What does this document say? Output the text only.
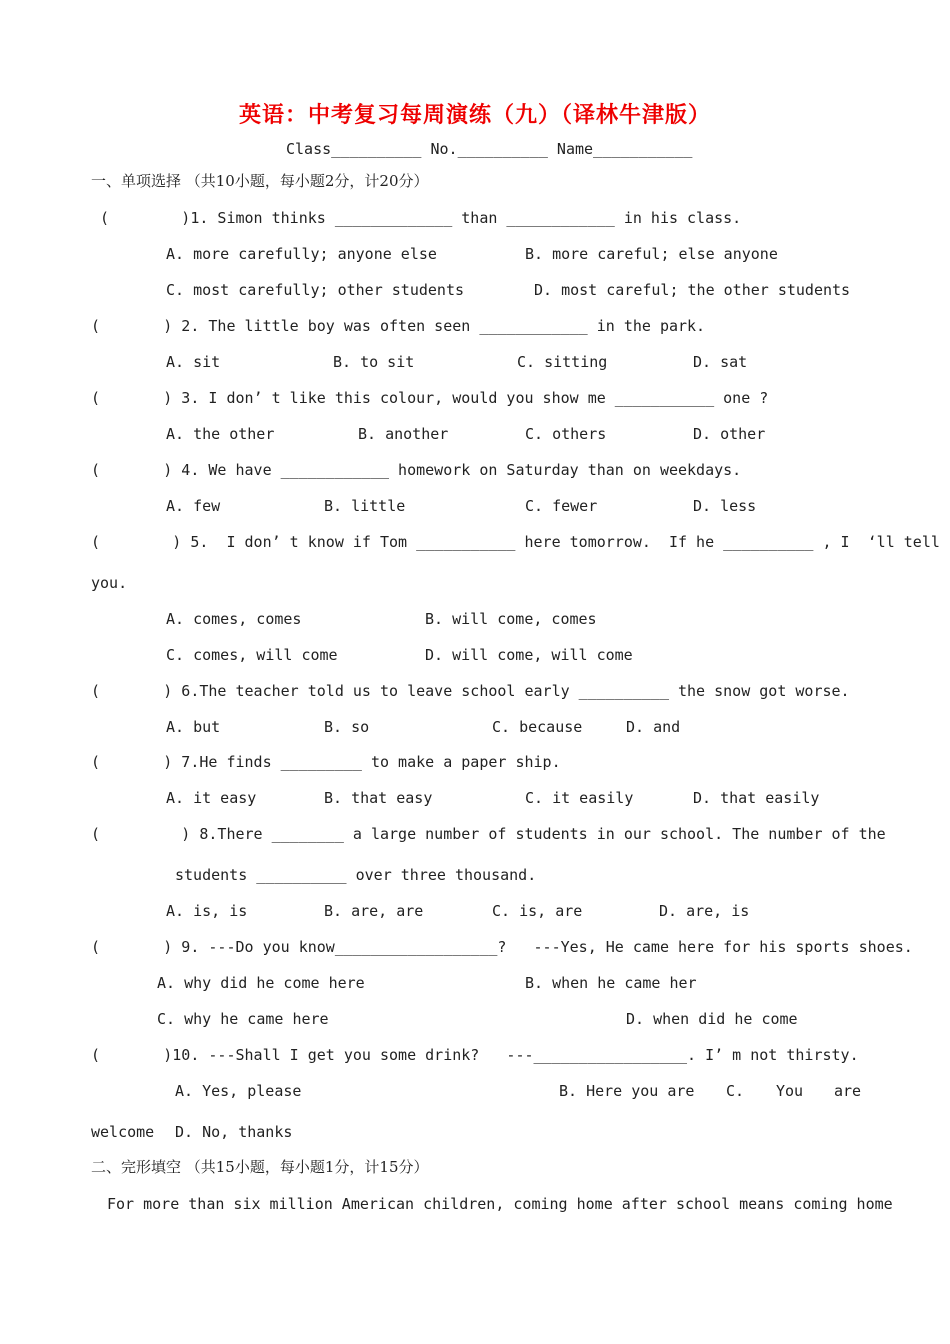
英语：中考复习每周演练（九）（译林牛津版）
Class__________ No.__________ Name___________
一、单项选择 （共10小题，每小题2分，计20分）
(        )1. Simon thinks _____________ than ____________ in his class.
A. more carefully; anyone else	B. more careful; else anyone
C. most carefully; other students	D. most careful; the other students
(       ) 2. The little boy was often seen ____________ in the park.
A. sit	B. to sit	C. sitting	D. sat
(       ) 3. I don’ t like this colour, would you show me ___________ one ?
A. the other	B. another	C. others	D. other
(       ) 4. We have ____________ homework on Saturday than on weekdays.
A. few	B. little	C. fewer	D. less
(        ) 5.  I don’ t know if Tom ___________ here tomorrow.  If he __________ , I  ‘ll tell
you.
A. comes, comes	B. will come, comes
C. comes, will come	D. will come, will come
(       ) 6.The teacher told us to leave school early __________ the snow got worse.
A. but	B. so	C. because	D. and
(       ) 7.He finds _________ to make a paper ship.
A. it easy	B. that easy	C. it easily	D. that easily
(         ) 8.There ________ a large number of students in our school. The number of the
students __________ over three thousand.
A. is, is	B. are, are	C. is, are	D. are, is
(       ) 9. ---Do you know__________________?   ---Yes, He came here for his sports shoes.
A. why did he come here	B. when he came her
C. why he came here	D. when did he come
(       )10. ---Shall I get you some drink?   ---_________________. I’ m not thirsty.
A. Yes, please	B. Here you are C. You are
welcome D. No, thanks
二、完形填空 （共15小题，每小题1分，计15分）
For more than six million American children, coming home after school means coming home
